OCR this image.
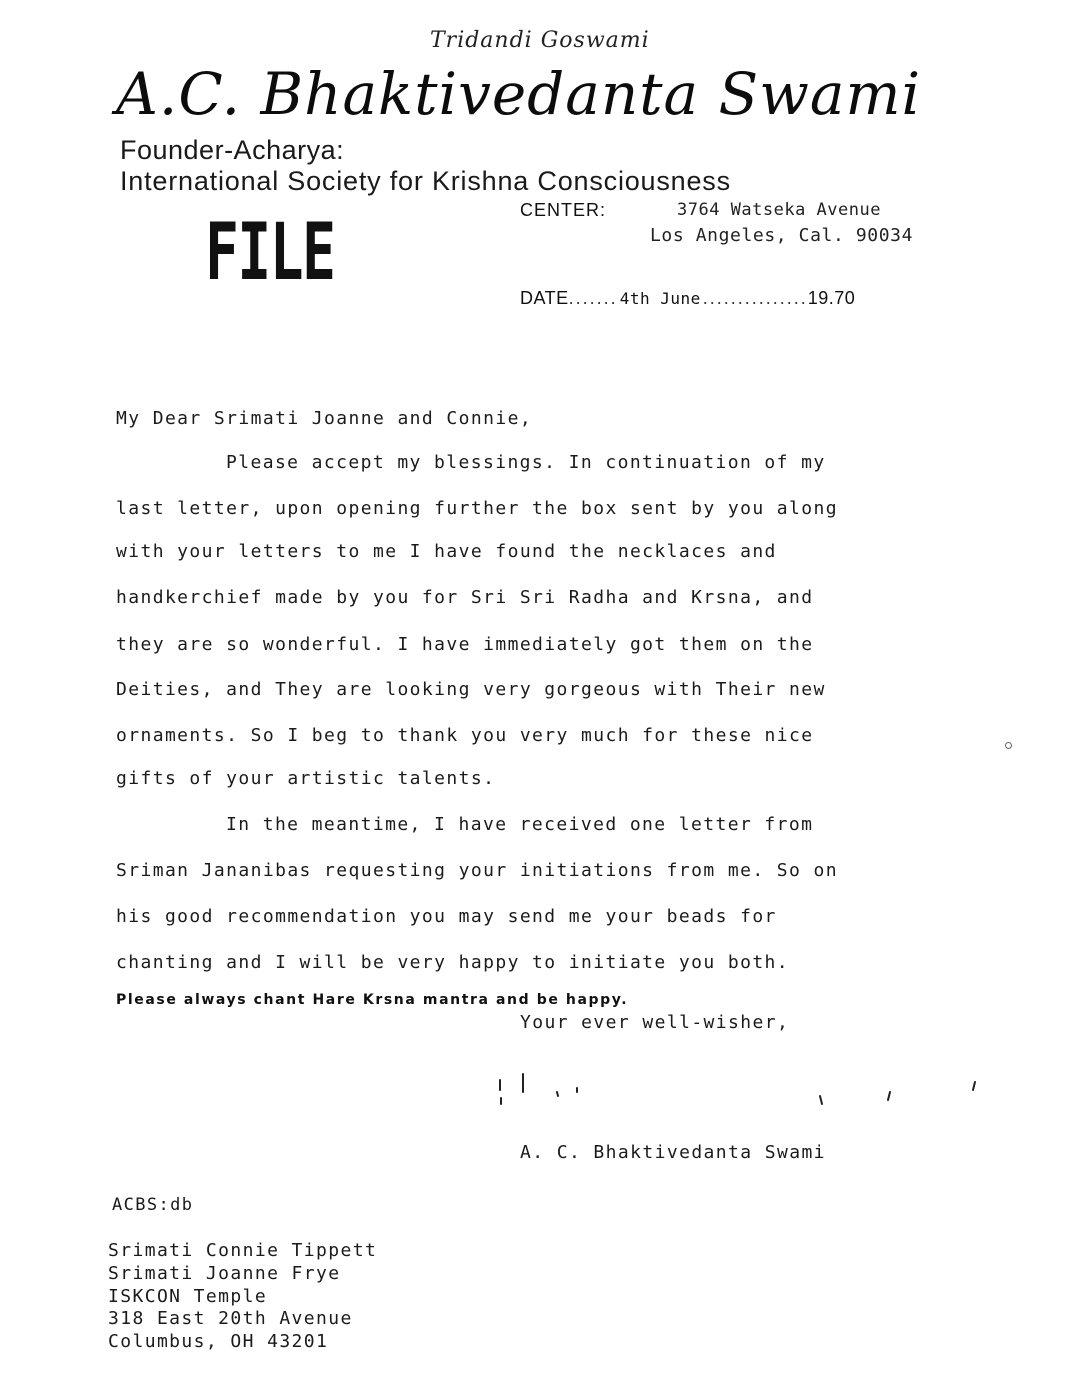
Tridandi Goswami
A.C. Bhaktivedanta Swami
Founder-Acharya:
International Society for Krishna Consciousness
CENTER:	3764 Watseka Avenue
Los Angeles, Cal. 90034
FILE	DATE ....... 4th June ............... 19.70
My Dear Srimati Joanne and Connie,
Please accept my blessings. In continuation of my
last letter, upon opening further the box sent by you along
with your letters to me I have found the necklaces and
handkerchief made by you for Sri Sri Radha and Krsna, and
they are so wonderful. I have immediately got them on the
Deities, and They are looking very gorgeous with Their new
ornaments. So I beg to thank you very much for these nice
gifts of your artistic talents.
In the meantime, I have received one letter from
Sriman Jananibas requesting your initiations from me. So on
his good recommendation you may send me your beads for
chanting and I will be very happy to initiate you both.
Please always chant Hare Krsna mantra and be happy.
Your ever well-wisher,
A. C. Bhaktivedanta Swami
ACBS:db
Srimati Connie Tippett
Srimati Joanne Frye
ISKCON Temple
318 East 20th Avenue
Columbus, OH 43201
